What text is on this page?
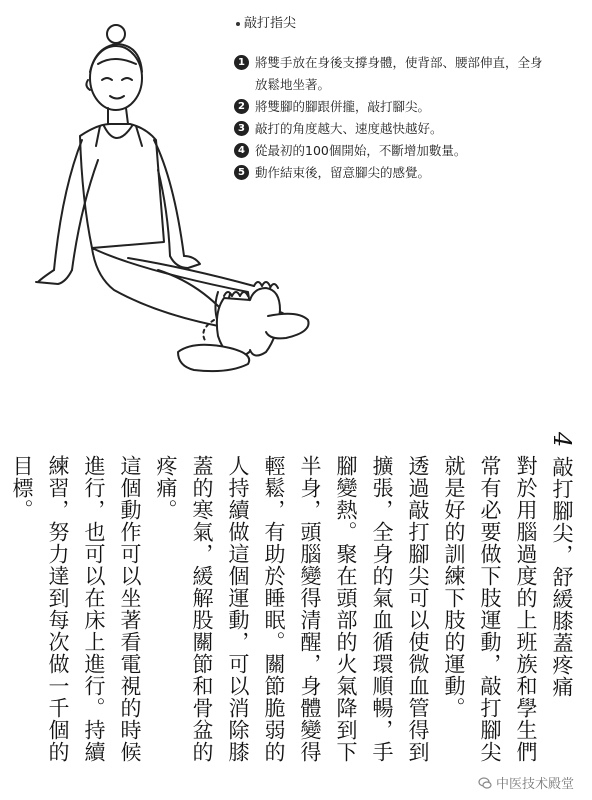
敲打指尖
1 將雙手放在身後支撐身體，使背部、腰部伸直，全身放鬆地坐著。
2 將雙腳的腳跟併攏，敲打腳尖。
3 敲打的角度越大、速度越快越好。
4 從最初的100個開始，不斷增加數量。
5 動作結束後，留意腳尖的感覺。

4 敲打腳尖，舒緩膝蓋疼痛

對於用腦過度的上班族和學生們常有必要做下肢運動，敲打腳尖就是好的訓練下肢的運動。

透過敲打腳尖可以使微血管得到擴張，全身的氣血循環順暢，手腳變熱。聚在頭部的火氣降到下半身，頭腦變得清醒，身體變得輕鬆，有助於睡眠。關節脆弱的人持續做這個運動，可以消除膝蓋的寒氣，緩解股關節和骨盆的疼痛。

這個動作可以坐著看電視的時候進行，也可以在床上進行。持續練習，努力達到每次做一千個的目標。

中医技术殿堂
